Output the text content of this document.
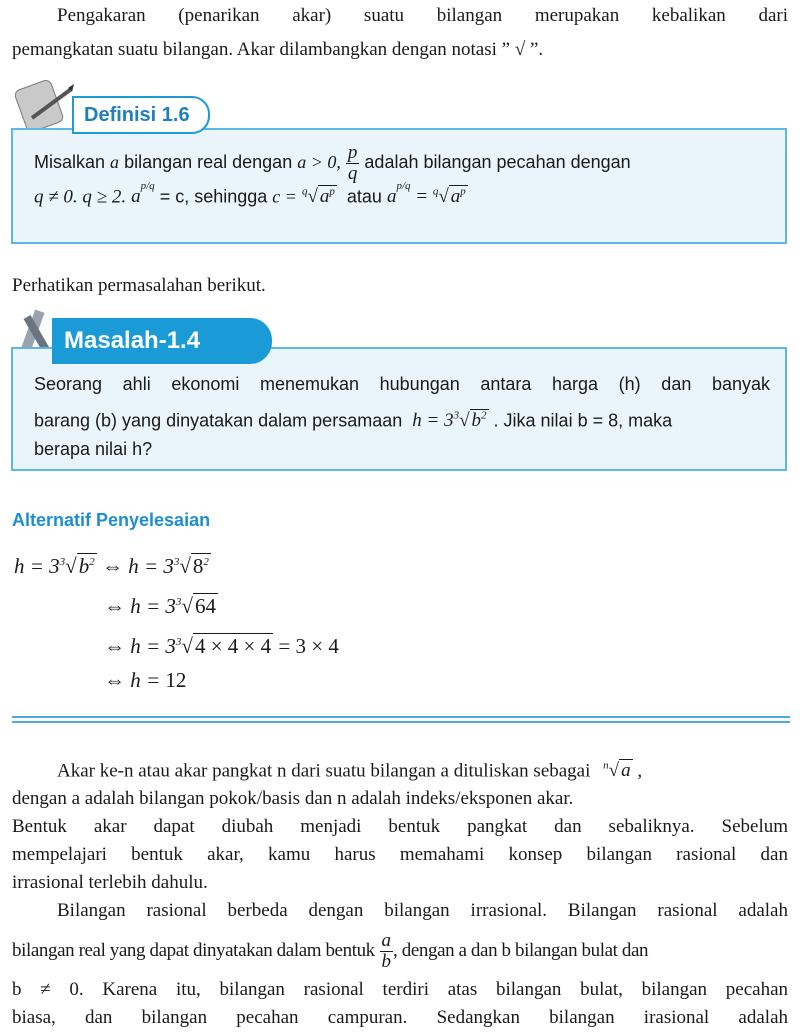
Pengakaran (penarikan akar) suatu bilangan merupakan kebalikan dari
pemangkatan suatu bilangan. Akar dilambangkan dengan notasi ” √ ”.
Definisi 1.6
Misalkan a bilangan real dengan a > 0, $\frac{p}{q}$ adalah bilangan pecahan dengan
q ≠ 0. q ≥ 2. $a^{p/q} = c$, sehingga c = $^q$√ $a^p$ atau $a^{p/q} = ^q√$ $a^p$
Perhatikan permasalahan berikut.
Masalah-1.4
Seorang ahli ekonomi menemukan hubungan antara harga (h) dan banyak
barang (b) yang dinyatakan dalam persamaan $h = 3^3√$ $b^2$ . Jika nilai b = 8, maka
berapa nilai h?
Alternatif Penyelesaian
$h = 3^3√b^2$ ⇔ $h = 3^3√8^2$
⇔ $h = 3^3√64$
⇔ $h = 3^3√4 \times 4 \times 4 = 3 \times 4$
⇔ h = 12
Akar ke-n atau akar pangkat n dari suatu bilangan a dituliskan sebagai $^n$√ a ,
dengan a adalah bilangan pokok/basis dan n adalah indeks/eksponen akar.
Bentuk akar dapat diubah menjadi bentuk pangkat dan sebaliknya. Sebelum
mempelajari bentuk akar, kamu harus memahami konsep bilangan rasional dan
irrasional terlebih dahulu.
Bilangan rasional berbeda dengan bilangan irrasional. Bilangan rasional adalah
bilangan real yang dapat dinyatakan dalam bentuk $\frac{a}{b}$ , dengan a dan b bilangan bulat dan
b ≠ 0. Karena itu, bilangan rasional terdiri atas bilangan bulat, bilangan pecahan
biasa, dan bilangan pecahan campuran. Sedangkan bilangan irasional adalah
